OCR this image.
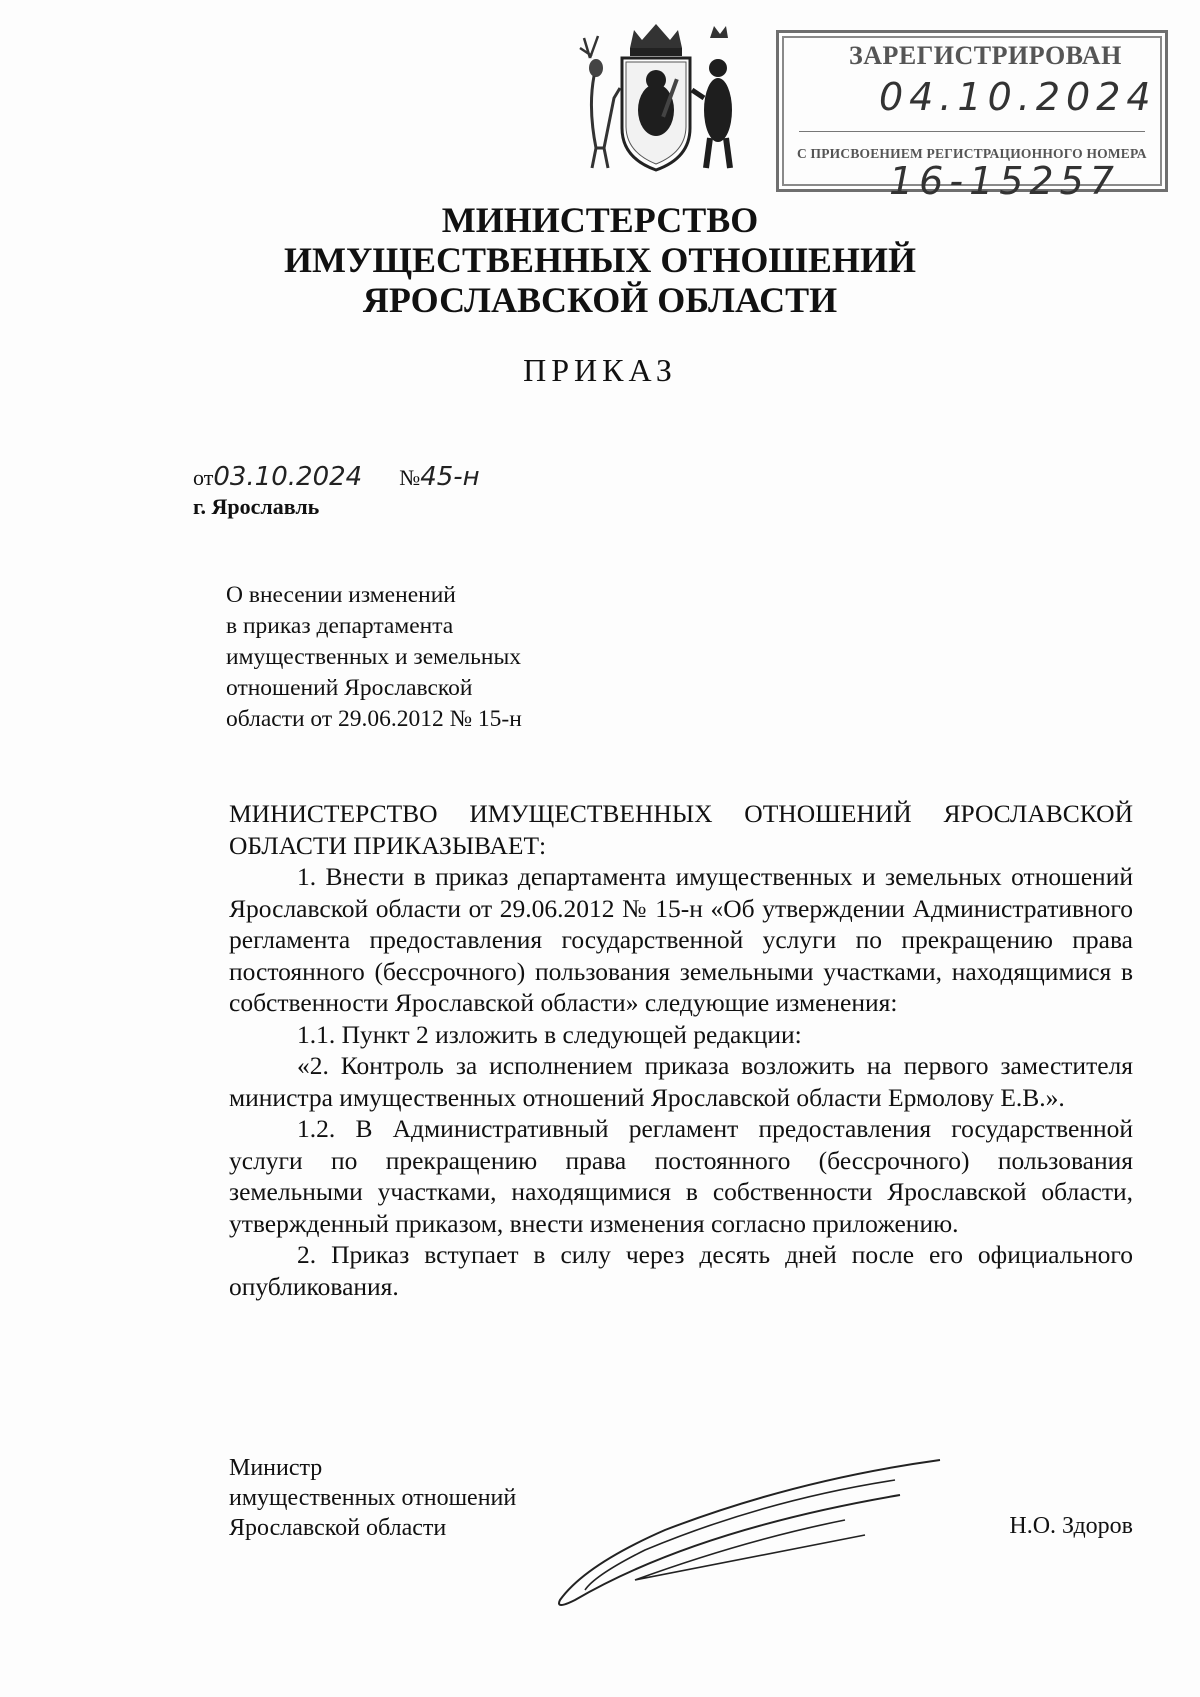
ЗАРЕГИСТРИРОВАН
04.10.2024
С ПРИСВОЕНИЕМ РЕГИСТРАЦИОННОГО НОМЕРА
16-15257
МИНИСТЕРСТВО
ИМУЩЕСТВЕННЫХ ОТНОШЕНИЙ
ЯРОСЛАВСКОЙ ОБЛАСТИ
ПРИКАЗ
от03.10.2024 №45-н
г. Ярославль
О внесении изменений
в приказ департамента
имущественных и земельных
отношений Ярославской
области от 29.06.2012 № 15-н

МИНИСТЕРСТВО ИМУЩЕСТВЕННЫХ ОТНОШЕНИЙ ЯРОСЛАВСКОЙ ОБЛАСТИ ПРИКАЗЫВАЕТ:

1. Внести в приказ департамента имущественных и земельных отношений Ярославской области от 29.06.2012 № 15-н «Об утверждении Административного регламента предоставления государственной услуги по прекращению права постоянного (бессрочного) пользования земельными участками, находящимися в собственности Ярославской области» следующие изменения:

1.1. Пункт 2 изложить в следующей редакции:

«2. Контроль за исполнением приказа возложить на первого заместителя министра имущественных отношений Ярославской области Ермолову Е.В.».

1.2. В Административный регламент предоставления государственной услуги по прекращению права постоянного (бессрочного) пользования земельными участками, находящимися в собственности Ярославской области, утвержденный приказом, внести изменения согласно приложению.

2. Приказ вступает в силу через десять дней после его официального опубликования.

Министр
имущественных отношений
Ярославской области	Н.О. Здоров
